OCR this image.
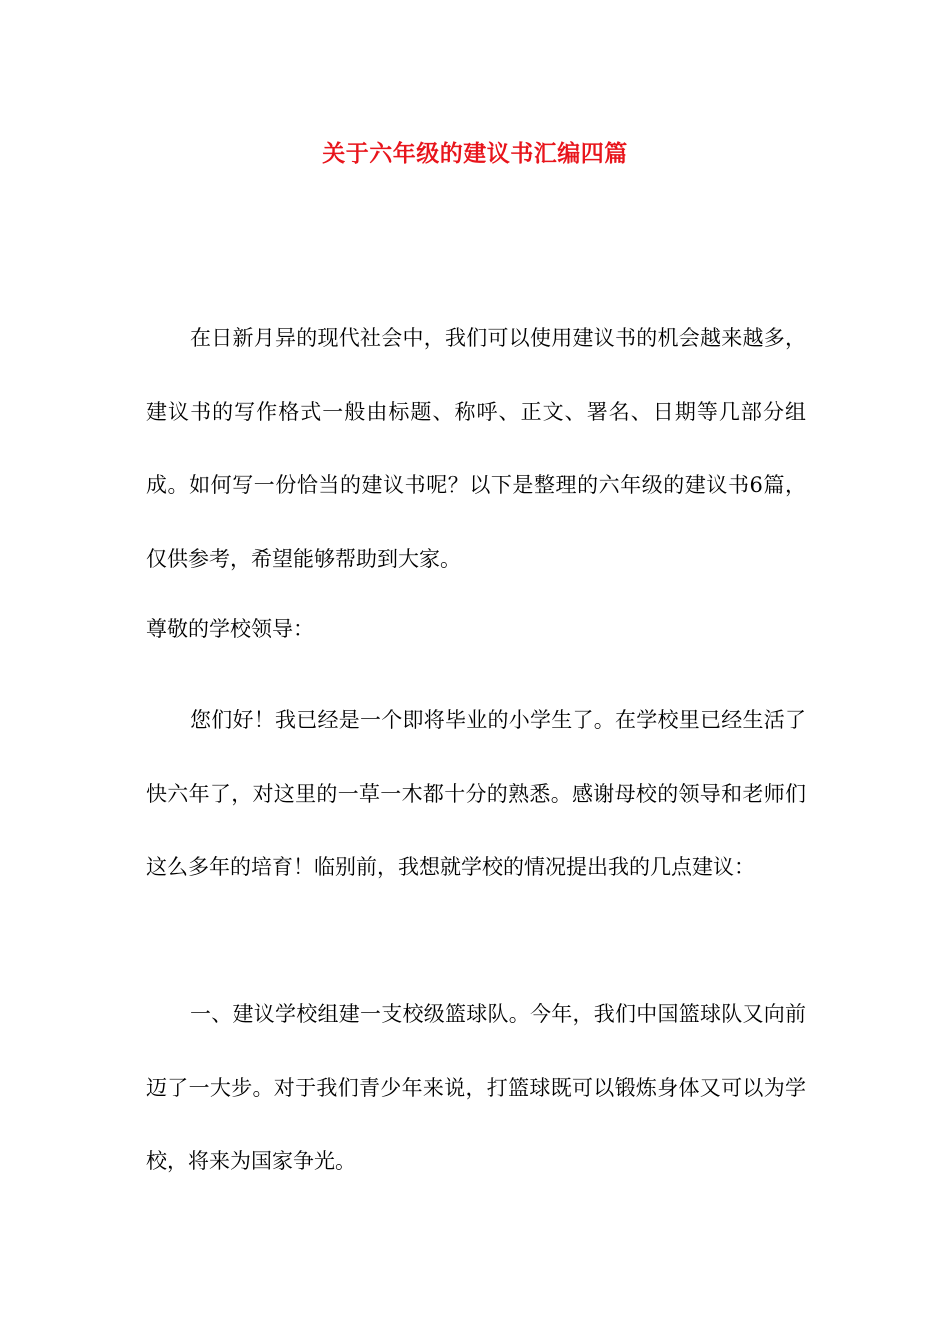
关于六年级的建议书汇编四篇

在日新月异的现代社会中，我们可以使用建议书的机会越来越多，建议书的写作格式一般由标题、称呼、正文、署名、日期等几部分组成。如何写一份恰当的建议书呢？以下是整理的六年级的建议书6篇，仅供参考，希望能够帮助到大家。

尊敬的学校领导：

您们好！我已经是一个即将毕业的小学生了。在学校里已经生活了快六年了，对这里的一草一木都十分的熟悉。感谢母校的领导和老师们这么多年的培育！临别前，我想就学校的情况提出我的几点建议：

一、建议学校组建一支校级篮球队。今年，我们中国篮球队又向前迈了一大步。对于我们青少年来说，打篮球既可以锻炼身体又可以为学校，将来为国家争光。
